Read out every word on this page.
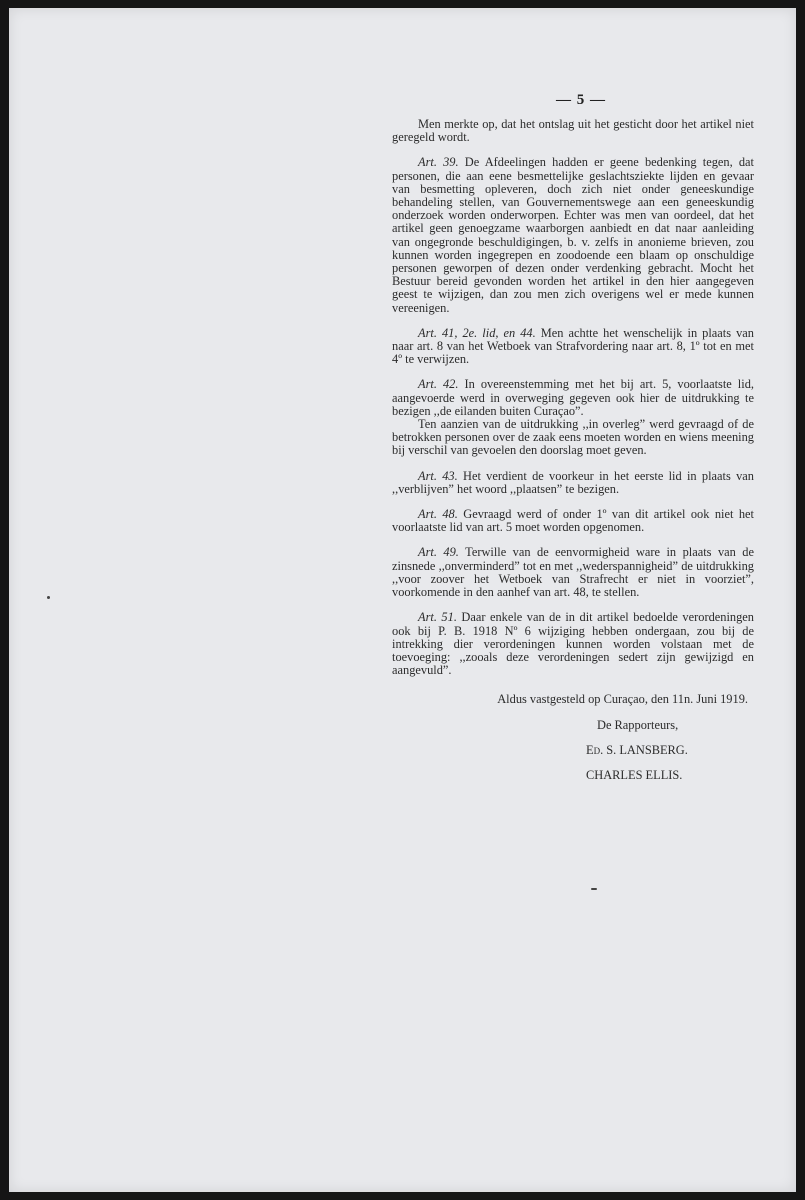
— 5 —

Men merkte op, dat het ontslag uit het gesticht door het artikel niet geregeld wordt.

Art. 39. De Afdeelingen hadden er geene bedenking tegen, dat personen, die aan eene besmettelijke geslachtsziekte lijden en gevaar van besmetting opleveren, doch zich niet onder geneeskundige behandeling stellen, van Gouvernementswege aan een geneeskundig onderzoek worden onderworpen. Echter was men van oordeel, dat het artikel geen genoegzame waarborgen aanbiedt en dat naar aanleiding van ongegronde beschuldigingen, b. v. zelfs in anonieme brieven, zou kunnen worden ingegrepen en zoodoende een blaam op onschuldige personen geworpen of dezen onder verdenking gebracht. Mocht het Bestuur bereid gevonden worden het artikel in den hier aangegeven geest te wijzigen, dan zou men zich overigens wel er mede kunnen vereenigen.

Art. 41, 2e. lid, en 44. Men achtte het wenschelijk in plaats van naar art. 8 van het Wetboek van Strafvordering naar art. 8, 1º tot en met 4º te verwijzen.

Art. 42. In overeenstemming met het bij art. 5, voorlaatste lid, aangevoerde werd in overweging gegeven ook hier de uitdrukking te bezigen ,,de eilanden buiten Curaçao”.

Ten aanzien van de uitdrukking ,,in overleg” werd gevraagd of de betrokken personen over de zaak eens moeten worden en wiens meening bij verschil van gevoelen den doorslag moet geven.

Art. 43. Het verdient de voorkeur in het eerste lid in plaats van ,,verblijven” het woord ,,plaatsen” te bezigen.

Art. 48. Gevraagd werd of onder 1º van dit artikel ook niet het voorlaatste lid van art. 5 moet worden opgenomen.

Art. 49. Terwille van de eenvormigheid ware in plaats van de zinsnede ,,onverminderd” tot en met ,,wederspannigheid” de uitdrukking ,,voor zoover het Wetboek van Strafrecht er niet in voorziet”, voorkomende in den aanhef van art. 48, te stellen.

Art. 51. Daar enkele van de in dit artikel bedoelde verordeningen ook bij P. B. 1918 Nº 6 wijziging hebben ondergaan, zou bij de intrekking dier verordeningen kunnen worden volstaan met de toevoeging: ,,zooals deze verordeningen sedert zijn gewijzigd en aangevuld”.

Aldus vastgesteld op Curaçao, den 11n. Juni 1919.

De Rapporteurs,

Ed. S. LANSBERG.

CHARLES ELLIS.
